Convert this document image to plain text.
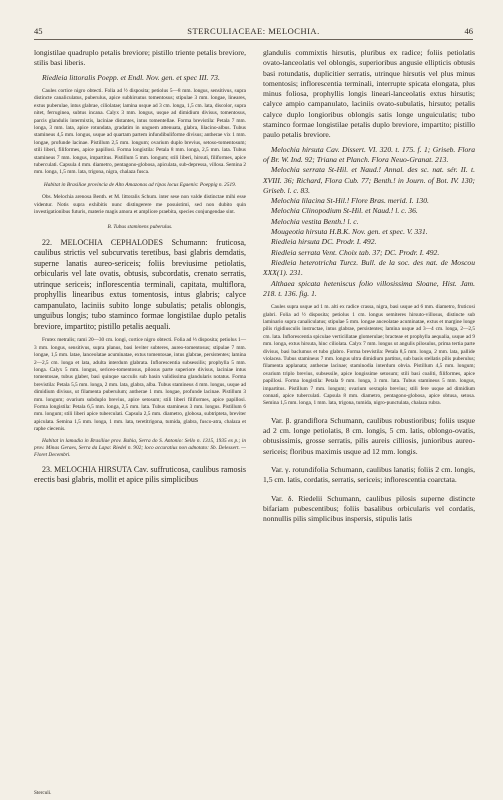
45	STERCULIACEAE: MELOCHIA.	46

longistilae quadruplo petalis breviore; pistillo triente petalis breviore, stilis basi liberis.

Riedleia littoralis Poepp. et Endl. Nov. gen. et spec III. 73.

Caules cortice nigro obtecti. Folia ad ½ disposita; petiolus 5—8 mm. longus, sensitivus, supra distincte canaliculatus, puberulus, apice subhirsutus tomentosus; stipulae 3 mm. longae, lineares, extus puberulae, intus glabrae, ciliolatae; lamina usque ad 3 cm. longa, 1,5 cm. lata, discolor, supra nitet, ferruginea, subtus incana. Calyx 3 mm. longus, usque ad dimidium divisus, tomentosus, parcis glandulis intermixtis, laciniae distantes, intus tomentellae. Forma brevistila: Petala 7 mm. longa, 3 mm. lata, apice rotundata, gradatim in unguem attenuata, glabra, lilacino-albus. Tubus stamineus 4,5 mm. longus, usque ad quartam partem infundibuliforme divisus; antherae vix 1 mm. longae, profunde lacinae. Pistillum 2,5 mm. longum; ovarium duplo brevius, setoso-tomentosum; stili liberi, filiformes, apice papillosi. Forma longistila: Petala 8 mm. longa, 2,5 mm. lata. Tubus stamineus 7 mm. longus, impartitus. Pistillum 5 mm. longum; stili liberi, hirsuti, filiformes, apice tuberculati. Capsula 4 mm. diametro, pentagono-globosa, apiculata, sub-depressa, villosa. Semina 2 mm. longa, 1,5 mm. lata, trigona, nigra, chalaza fusca.

Habitat in Brasiliae provincia de Alto Amazonas ad ripas locus Egaenis: Poeppig n. 2519.

Obs. Melochia arenosa Benth. et M. littoralis Schum. inter sese non valde distinctae mihi esse videntur. Notis supra exhibitis nunc distingerere me posuistimi, sed non dubito quin investigationibus futuris, materie magis amora et ampliore praebita, species conjungendae sint.

B. Tubus staminens puberulus.

22. MELOCHIA CEPHALODES Schumann: fruticosa, caulibus strictis vel subcurvatis teretibus, basi glabris demdatis, superne lanatis aureo-sericeis; foliis breviusime petiolatis, orbicularis vel late ovatis, obtusis, subcordatis, crenato serratis, utrinque sericeis; inflorescentia terminali, capitata, multiflora, prophyllis linearibus extus tomentosis, intus glabris; calyce campanulato, laciniis subito longe subulatis; petalis oblongis, unguibus longis; tubo staminco formae longistilae duplo petalis breviore, impartito; pistillo petalis aequali.

Frutex metralis; rami 20—30 cm. longi, cortice nigro obtecti. Folia ad ⅓ disposita; petiolus 1—3 mm. longus, sensitivus, supra planus, basi leviter subteres, aureo-tomentosus; stipulae 7 mm. longae, 1,5 mm. latae, lanceolatae acuminatae, extus tomentosae, intus glabrae, persistentes; lamina 2—2,5 cm. longa et lata, adulta interdum glabrata. Inflorescentia subsessilis; prophylla 5 mm. longa. Calyx 5 mm. longus, sericeo-tomentosus, pilosus parte superiore divisus, laciniae intus tomentosae, tubus glaber, basi quinque sacculis sub basin validissima glandularis notatus. Forma brevistila: Petala 5,5 mm. longa, 2 mm. lata, glabra, alba. Tubus stamineus 4 mm. longus, usque ad dimidium divisus, ut filamenta puberulum; antherae 1 mm. longae, profunde lacinae. Pistillum 3 mm. longum; ovarium subduplo brevius, apice setosum; stili liberi filiformes, apice papillosi. Forma longistila: Petala 6,5 mm. longa, 2,5 mm. lata. Tubus stamineus 3 mm. longus. Pistillum 6 mm. longum; stili liberi apice tuberculati. Capsula 2,5 mm. diametro, globosa, subtripteta, breviter apiculata. Semina 1,5 mm. longa, 1 mm. lata, teretitrigona, tumida, glabra, fusco-atra, chalaza et raphe ciecenis.

Habitat in lamadia in Brasiliae prov. Bahia, Serra do S. Antonio: Sello n. 1315, 1935 ex p.; in prov. Minas Geraes, Serra da Lapa: Riedel n. 902; loco accuratius non adnotato: Sb. Delessert. — Floret Decembri.

23. MELOCHIA HIRSUTA Cav. suffruticosa, caulibus ramosis erectis basi glabris, mollit et apice pilis simplicibus

glandulis commixtis hirsutis, pluribus ex radice; foliis petiolatis ovato-lanceolatis vel oblongis, superioribus angusie ellipticis obtusis basi rotundatis, duplicitier serratis, utrinque hirsutis vel plus minus tomentosis; inflorescentia terminali, interrupte spicata elongata, plus minus foliosa, prophyllis longis lineari-lanceolatis extus hirsutis; calyce ampio campanulato, laciniis ovato-subulatis, hirsuto; petalis calyce duplo longioribus oblongis satis longe unguiculatis; tubo staminco formae longistilae petalis duplo breviore, impartito; pistillo paulo petalis breviore.

Melochia hirsuta Cav. Dissert. VI. 320. t. 175. f. 1; Griseb. Flora of Br. W. Ind. 92; Triana et Planch. Flora Neuo-Granat. 213.

Melochia serrata St-Hil. et Naud.! Annal. des sc. nat. sér. II. t. XVIII. 36; Richard, Flora Cub. 77; Benth.! in Journ. of Bot. IV. 130; Griseb. l. c. 83.

Melochia lilacina St-Hil.! Flore Bras. merid. I. 130.

Melochia Clinopodium St-Hil. et Naud.! l. c. 36.

Melochia vestita Benth.! l. c.

Mougeotia hirsuta H.B.K. Nov. gen. et spec. V. 331.

Riedleia hirsuta DC. Prodr. I. 492.

Riedleia serrata Vent. Choix tab. 37; DC. Prodr. I. 492.

Riedleia heterotricha Turcz. Bull. de la soc. des nat. de Moscou XXX(1). 231.

Althaea spicata heteniscus folio villosissima Sloane, Hist. Jam. 218. t. 136. fig. 1.

Caules supra usque ad 1 m. alti ex radice crassa, nigra, basi usque ad 6 mm. diametro, fruticosi glabri. Folia ad ½ disposita; petiolus 1 cm. longus semiteres hirsuto-villosus, distincte sub laminario supra canaliculatus; stipulae 5 mm. longae anceolatae acuminatae, extus et margine longe pilis rigidiusculis instructae, intus glabrae, persistentes; lamina usque ad 3—4 cm. longa, 2—2,5 cm. lata. Inflorescentia spiculae verticillatae glomerulae; bracteae et prophylla aequalia, usque ad 9 mm. longa, extus hirsuta, hinc ciliolata. Calyx 7 mm. longus ut angulis pilosulus, prima tertia parte divisus, basi baclumus et tubo glabro. Forma brevistila: Petala 8,5 mm. longa, 2 mm. lata, pallide violacea. Tubus stamineus 7 mm. longus ultra dimidium partitus, sub basis stellatis pilis puberulus; filamenta applanata; antherae lacinae; staminodia interdum obvia. Pistillum 4,5 mm. longum; ovarium triplo brevius, subsessile, apice longissime setosum; stili basi coaliti, filiformes, apice papillosi. Forma longistila: Petala 9 mm. longa, 3 mm. lata. Tubus stamineus 5 mm. longus, impartitus. Pistillum 7 mm. longum; ovarium sextuplo brevius; stili fere usque ad dimidium connati, apice tuberculati. Capsula 8 mm. diametro, pentagono-globosa, apice obtusa, setosa. Semina 1,5 mm. longa, 1 mm. lata, trigona, tumida, nigro-punctulata, chalaza rubra.

Var. β. grandiflora Schumann, caulibus robustioribus; foliis usque ad 2 cm. longe petiolatis, 8 cm. longis, 5 cm. latis, oblongo-ovatis, obtusissimis, grosse serratis, pilis aureis cilliosis, junioribus aureo-sericeis; floribus maximis usque ad 12 mm. longis.

Var. γ. rotundifolia Schumann, caulibus lanatis; foliis 2 cm. longis, 1,5 cm. latis, cordatis, serratis, sericeis; inflorescentia coarctata.

Var. δ. Riedelii Schumann, caulibus pilosis superne distincte bifariam pubescentibus; foliis basalibus orbicularis vel cordatis, nonnullis pilis simplicibus inspersis, stipulis latis

Sterculi.
